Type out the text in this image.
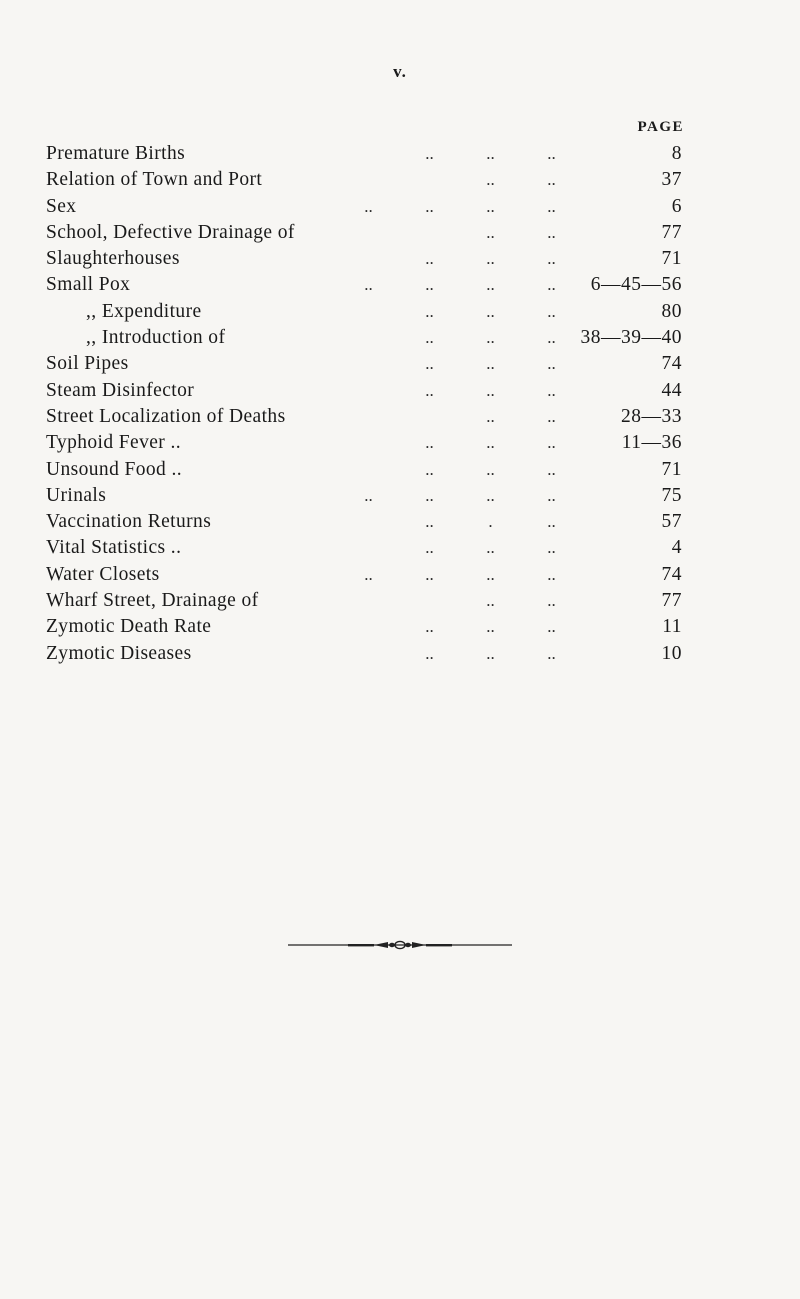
v.
PAGE
Premature Births	..	..	..	8
Relation of Town and Port	..	..	37
Sex	..	..	..	..	6
School, Defective Drainage of	..	..	77
Slaughterhouses	..	..	..	71
Small Pox	..	..	..	..	6—45—56
,, Expenditure	..	..	..	80
,, Introduction of	..	..	..	38—39—40
Soil Pipes	..	..	..	74
Steam Disinfector	..	..	..	44
Street Localization of Deaths	..	..	28—33
Typhoid Fever ..	..	..	..	11—36
Unsound Food ..	..	..	..	71
Urinals	..	..	..	..	75
Vaccination Returns	..	.	..	57
Vital Statistics ..	..	..	..	4
Water Closets	..	..	..	..	74
Wharf Street, Drainage of	..	..	77
Zymotic Death Rate	..	..	..	11
Zymotic Diseases	..	..	..	10
